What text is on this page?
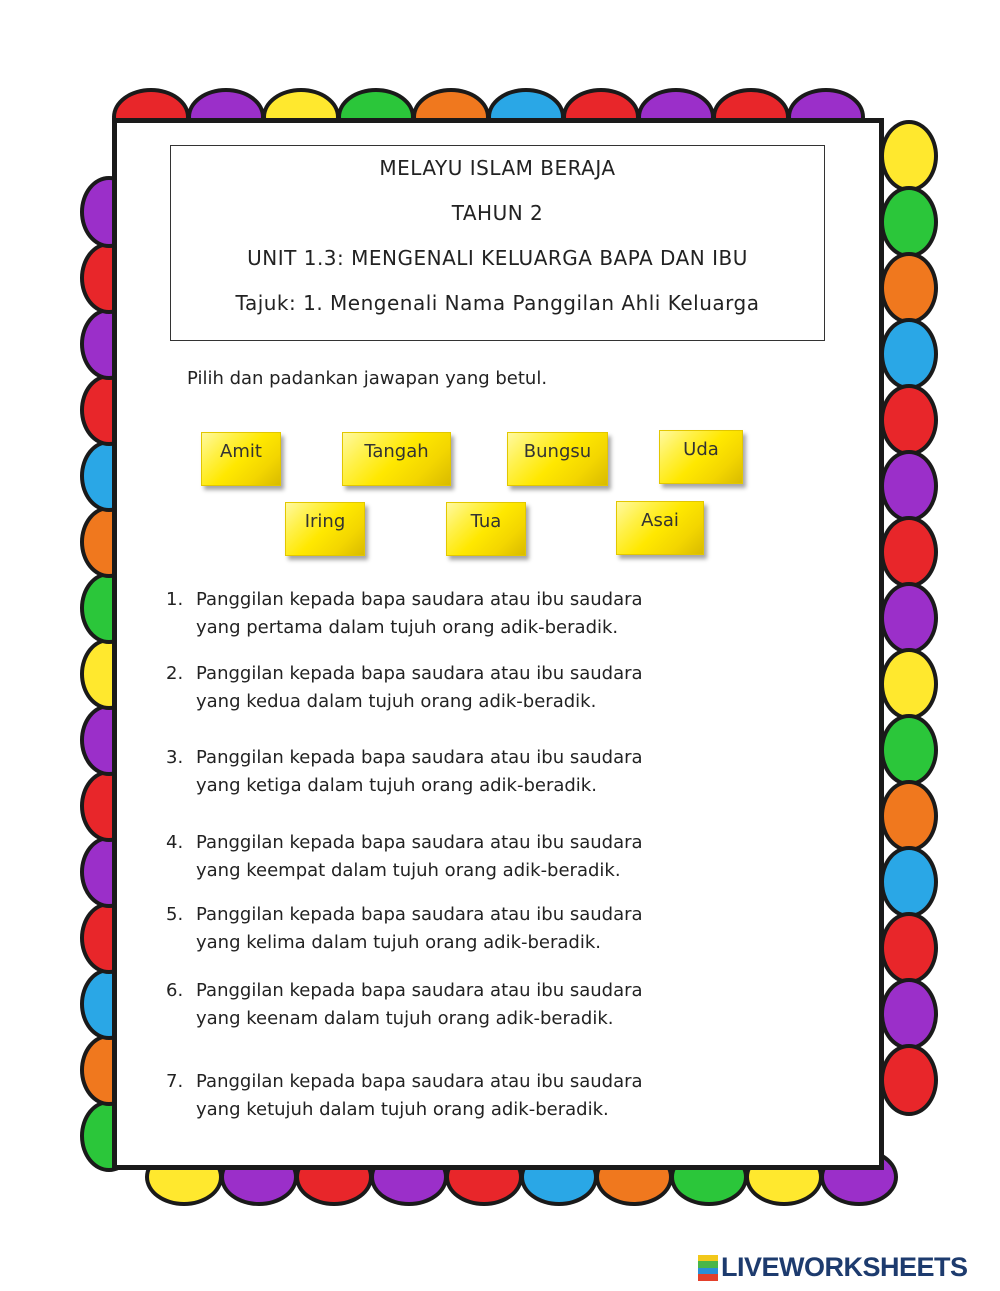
MELAYU ISLAM BERAJA
TAHUN 2
UNIT 1.3: MENGENALI KELUARGA BAPA DAN IBU
Tajuk: 1. Mengenali Nama Panggilan Ahli Keluarga
Pilih dan padankan jawapan yang betul.
Amit	Tangah	Bungsu	Uda
Iring	Tua	Asai
1. Panggilan kepada bapa saudara atau ibu saudara
yang pertama dalam tujuh orang adik-beradik.
2. Panggilan kepada bapa saudara atau ibu saudara
yang kedua dalam tujuh orang adik-beradik.
3. Panggilan kepada bapa saudara atau ibu saudara
yang ketiga dalam tujuh orang adik-beradik.
4. Panggilan kepada bapa saudara atau ibu saudara
yang keempat dalam tujuh orang adik-beradik.
5. Panggilan kepada bapa saudara atau ibu saudara
yang kelima dalam tujuh orang adik-beradik.
6. Panggilan kepada bapa saudara atau ibu saudara
yang keenam dalam tujuh orang adik-beradik.
7. Panggilan kepada bapa saudara atau ibu saudara
yang ketujuh dalam tujuh orang adik-beradik.
LIVEWORKSHEETS
